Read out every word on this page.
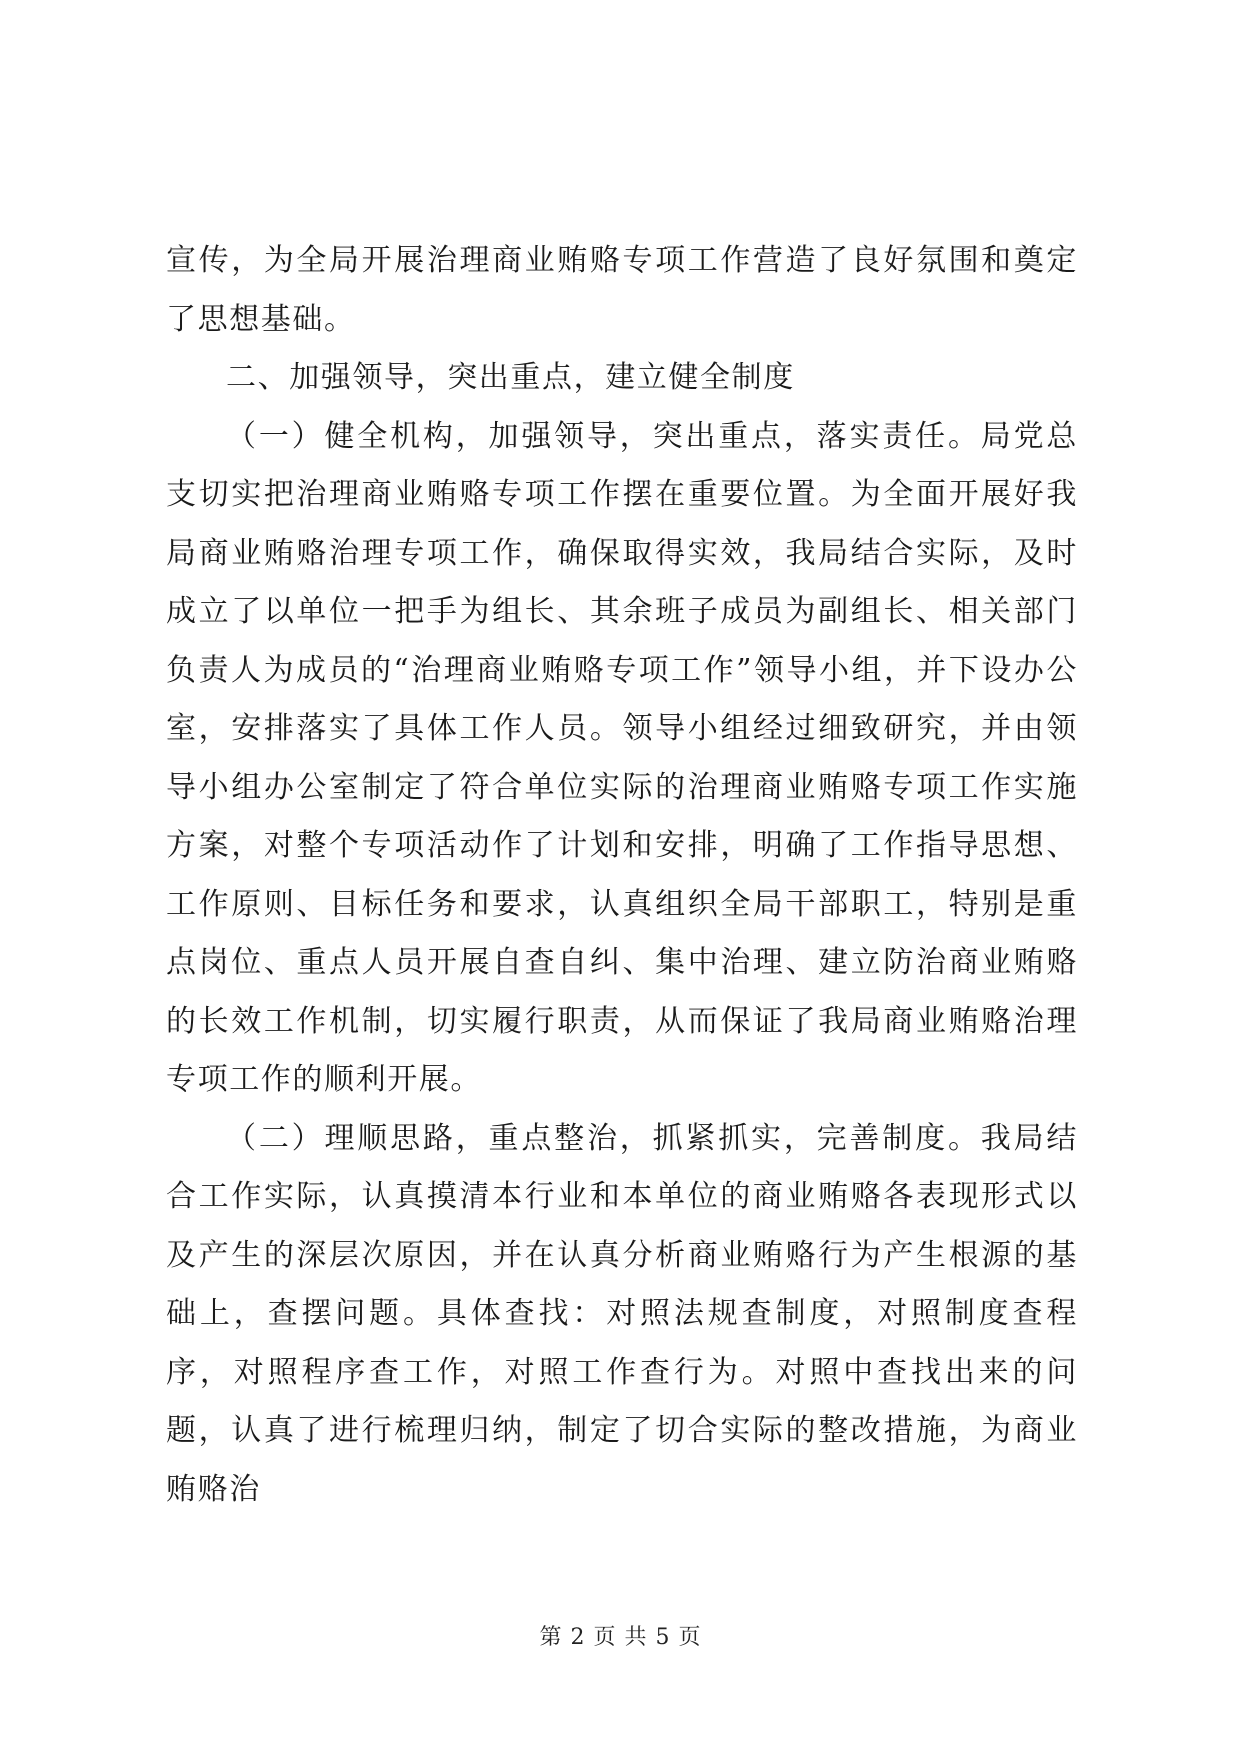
宣传，为全局开展治理商业贿赂专项工作营造了良好氛围和奠定了思想基础。

二、加强领导，突出重点，建立健全制度

（一）健全机构，加强领导，突出重点，落实责任。局党总支切实把治理商业贿赂专项工作摆在重要位置。为全面开展好我局商业贿赂治理专项工作，确保取得实效，我局结合实际，及时成立了以单位一把手为组长、其余班子成员为副组长、相关部门负责人为成员的“治理商业贿赂专项工作”领导小组，并下设办公室，安排落实了具体工作人员。领导小组经过细致研究，并由领导小组办公室制定了符合单位实际的治理商业贿赂专项工作实施方案，对整个专项活动作了计划和安排，明确了工作指导思想、工作原则、目标任务和要求，认真组织全局干部职工，特别是重点岗位、重点人员开展自查自纠、集中治理、建立防治商业贿赂的长效工作机制，切实履行职责，从而保证了我局商业贿赂治理专项工作的顺利开展。

（二）理顺思路，重点整治，抓紧抓实，完善制度。我局结合工作实际，认真摸清本行业和本单位的商业贿赂各表现形式以及产生的深层次原因，并在认真分析商业贿赂行为产生根源的基础上，查摆问题。具体查找：对照法规查制度，对照制度查程序，对照程序查工作，对照工作查行为。对照中查找出来的问题，认真了进行梳理归纳，制定了切合实际的整改措施，为商业贿赂治

第 2 页 共 5 页
